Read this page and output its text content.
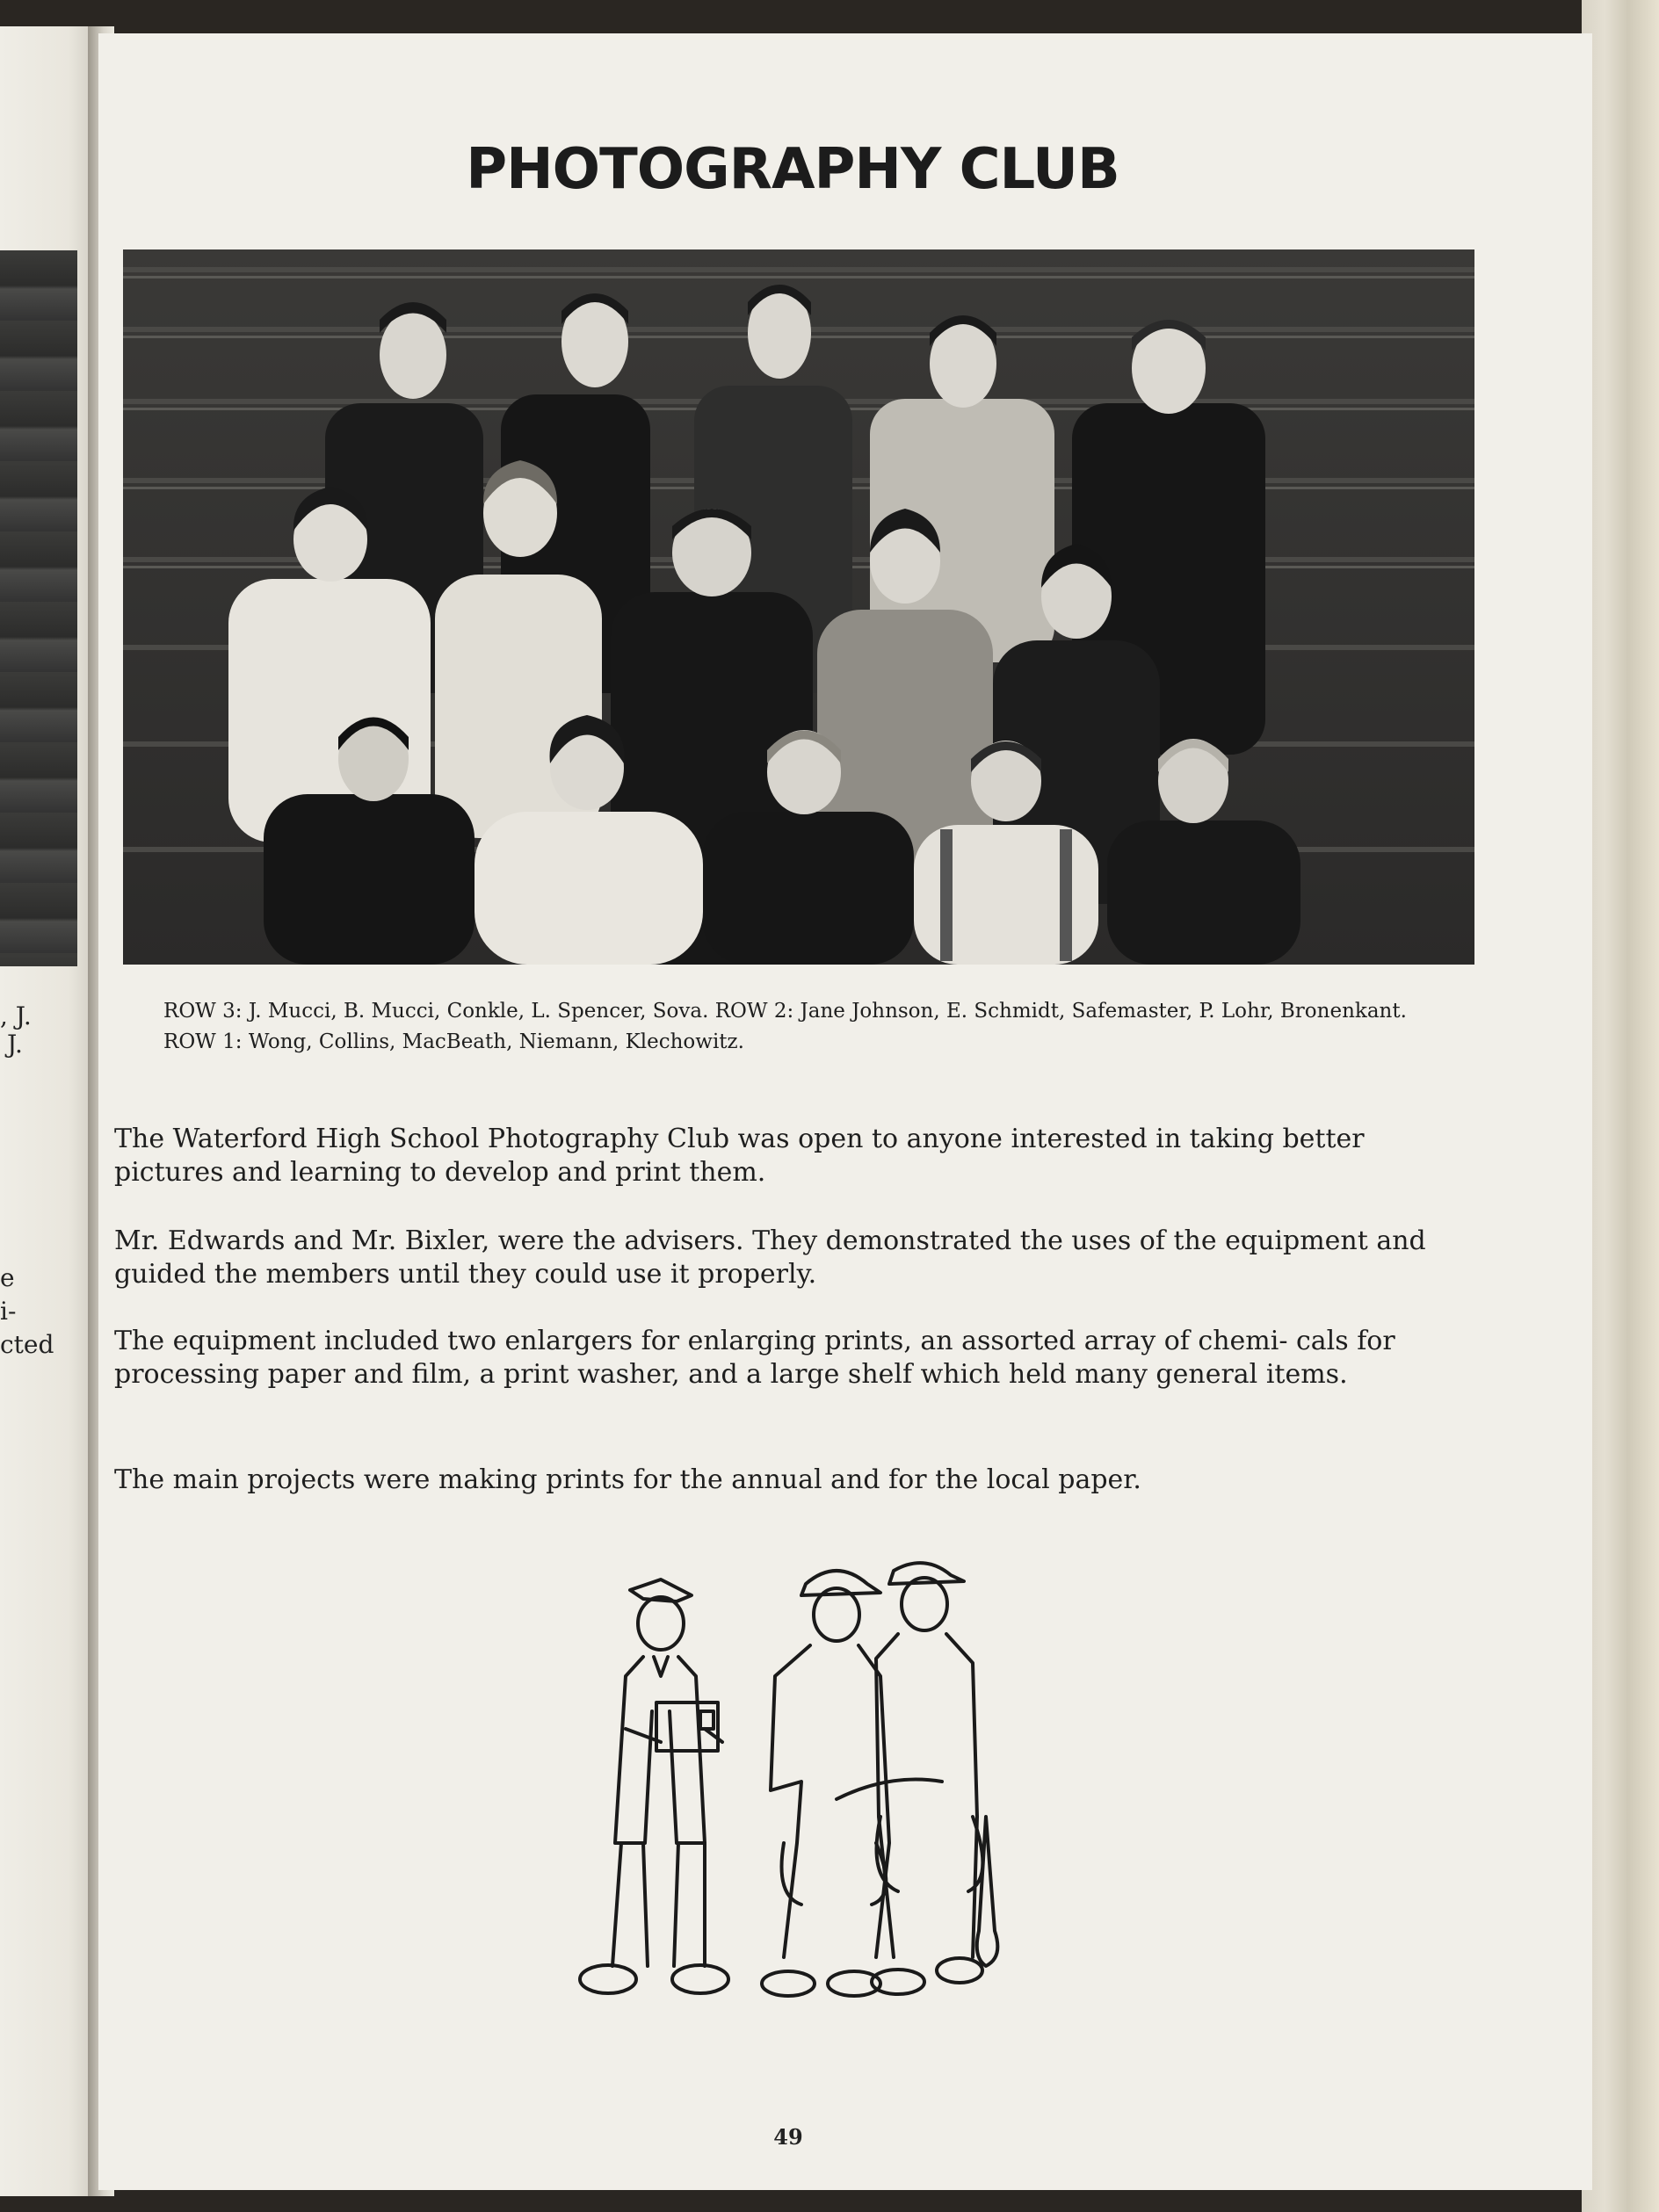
, J.
J.
e
i-
cted
PHOTOGRAPHY CLUB
ROW 3: J. Mucci, B. Mucci, Conkle, L. Spencer, Sova. ROW 2: Jane Johnson, E. Schmidt, Safemaster, P. Lohr, Bronenkant. ROW 1: Wong, Collins, MacBeath, Niemann, Klechowitz.

The Waterford High School Photography Club was open to anyone interested in taking better pictures and learning to develop and print them.

Mr. Edwards and Mr. Bixler, were the advisers. They demonstrated the uses of the equipment and guided the members until they could use it properly.

The equipment included two enlargers for enlarging prints, an assorted array of chemi- cals for processing paper and film, a print washer, and a large shelf which held many general items.

The main projects were making prints for the annual and for the local paper.

49
